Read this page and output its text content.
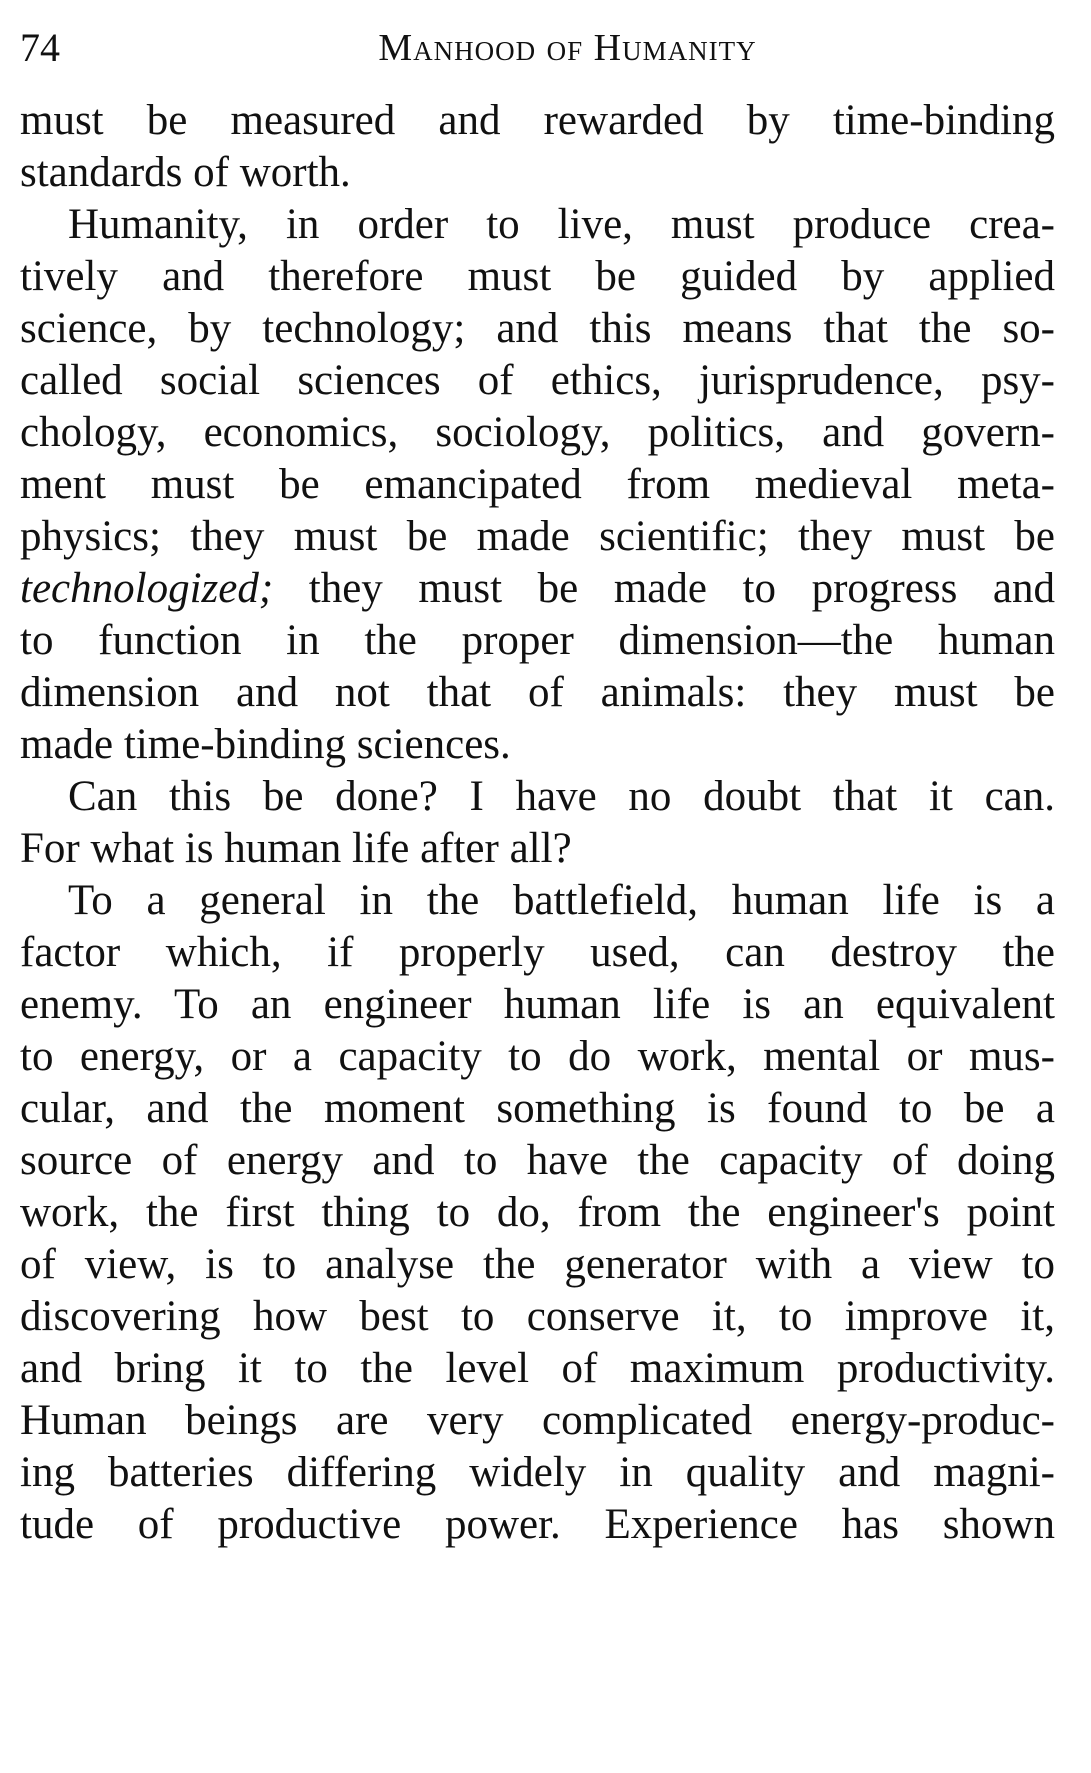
74	Manhood of Humanity
must be measured and rewarded by time-binding
standards of worth.
Humanity, in order to live, must produce crea-
tively and therefore must be guided by applied
science, by technology; and this means that the so-
called social sciences of ethics, jurisprudence, psy-
chology, economics, sociology, politics, and govern-
ment must be emancipated from medieval meta-
physics; they must be made scientific; they must be
technologized; they must be made to progress and
to function in the proper dimension—the human
dimension and not that of animals: they must be
made time-binding sciences.
Can this be done? I have no doubt that it can.
For what is human life after all?
To a general in the battlefield, human life is a
factor which, if properly used, can destroy the
enemy. To an engineer human life is an equivalent
to energy, or a capacity to do work, mental or mus-
cular, and the moment something is found to be a
source of energy and to have the capacity of doing
work, the first thing to do, from the engineer's point
of view, is to analyse the generator with a view to
discovering how best to conserve it, to improve it,
and bring it to the level of maximum productivity.
Human beings are very complicated energy-produc-
ing batteries differing widely in quality and magni-
tude of productive power. Experience has shown
